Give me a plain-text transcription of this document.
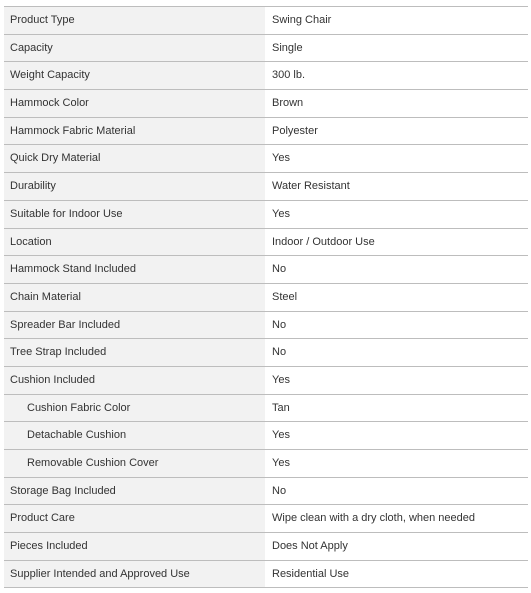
Product Type	Swing Chair
Capacity	Single
Weight Capacity	300 lb.
Hammock Color	Brown
Hammock Fabric Material	Polyester
Quick Dry Material	Yes
Durability	Water Resistant
Suitable for Indoor Use	Yes
Location	Indoor / Outdoor Use
Hammock Stand Included	No
Chain Material	Steel
Spreader Bar Included	No
Tree Strap Included	No
Cushion Included	Yes
Cushion Fabric Color	Tan
Detachable Cushion	Yes
Removable Cushion Cover	Yes
Storage Bag Included	No
Product Care	Wipe clean with a dry cloth, when needed
Pieces Included	Does Not Apply
Supplier Intended and Approved Use	Residential Use
